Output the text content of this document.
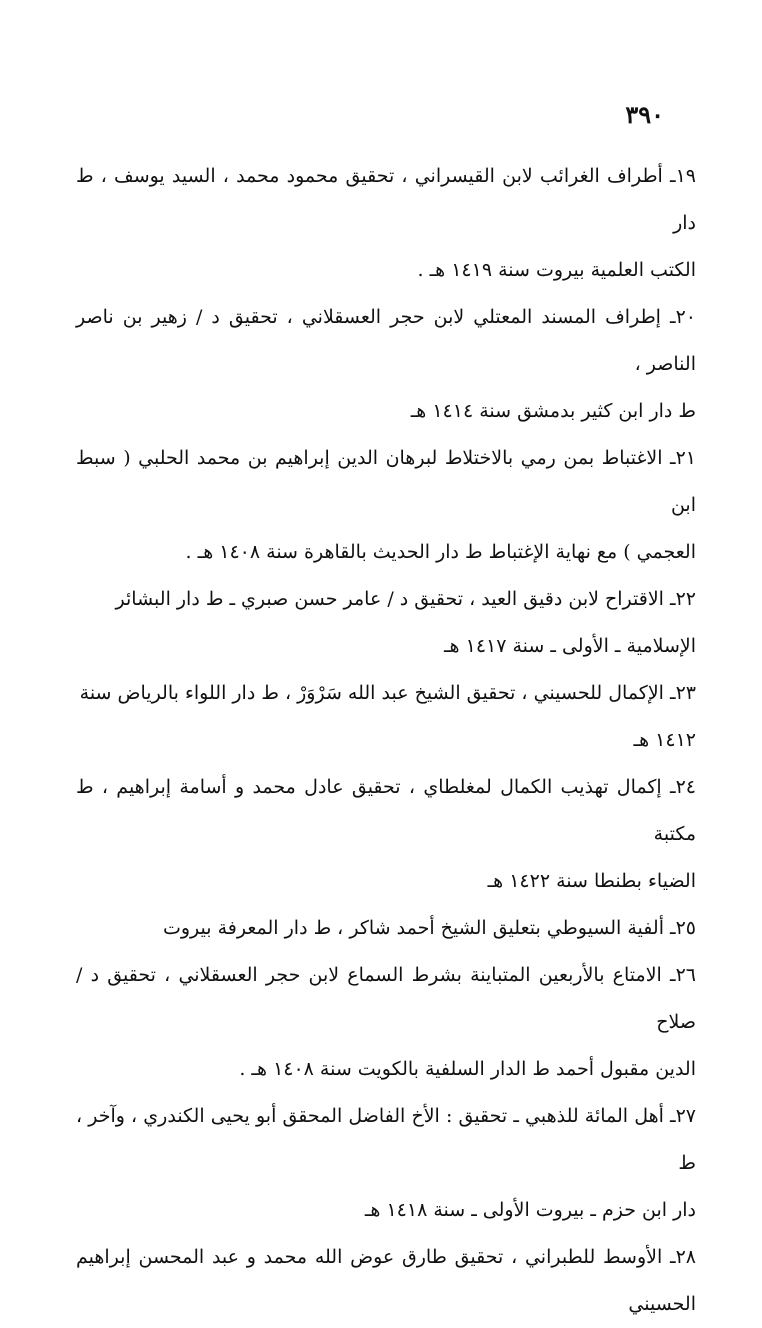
٣٩٠
١٩ـ أطراف الغرائب لابن القيسراني ، تحقيق محمود محمد ، السيد يوسف ، ط دار
الكتب العلمية بيروت سنة ١٤١٩ هـ .
٢٠ـ إطراف المسند المعتلي لابن حجر العسقلاني ، تحقيق د / زهير بن ناصر الناصر ،
ط دار ابن كثير بدمشق سنة ١٤١٤ هـ
٢١ـ الاغتباط بمن رمي بالاختلاط لبرهان الدين إبراهيم بن محمد الحلبي ( سبط ابن
العجمي ) مع نهاية الإغتباط ط دار الحديث بالقاهرة سنة ١٤٠٨ هـ .
٢٢ـ الاقتراح لابن دقيق العيد ، تحقيق د / عامر حسن صبري ـ ط دار البشائر
الإسلامية ـ الأولى ـ سنة ١٤١٧ هـ
٢٣ـ الإكمال للحسيني ، تحقيق الشيخ عبد الله سَرْوَرْ ، ط دار اللواء بالرياض سنة
١٤١٢ هـ
٢٤ـ إكمال تهذيب الكمال لمغلطاي ، تحقيق عادل محمد و أسامة إبراهيم ، ط مكتبة
الضياء بطنطا سنة ١٤٢٢ هـ
٢٥ـ ألفية السيوطي بتعليق الشيخ أحمد شاكر ، ط دار المعرفة بيروت
٢٦ـ الامتاع بالأربعين المتباينة بشرط السماع لابن حجر العسقلاني ، تحقيق د / صلاح
الدين مقبول أحمد ط الدار السلفية بالكويت سنة ١٤٠٨ هـ .
٢٧ـ أهل المائة للذهبي ـ تحقيق : الأخ الفاضل المحقق أبو يحيى الكندري ، وآخر ، ط
دار ابن حزم ـ بيروت الأولى ـ سنة ١٤١٨ هـ
٢٨ـ الأوسط للطبراني ، تحقيق طارق عوض الله محمد و عبد المحسن إبراهيم الحسيني
